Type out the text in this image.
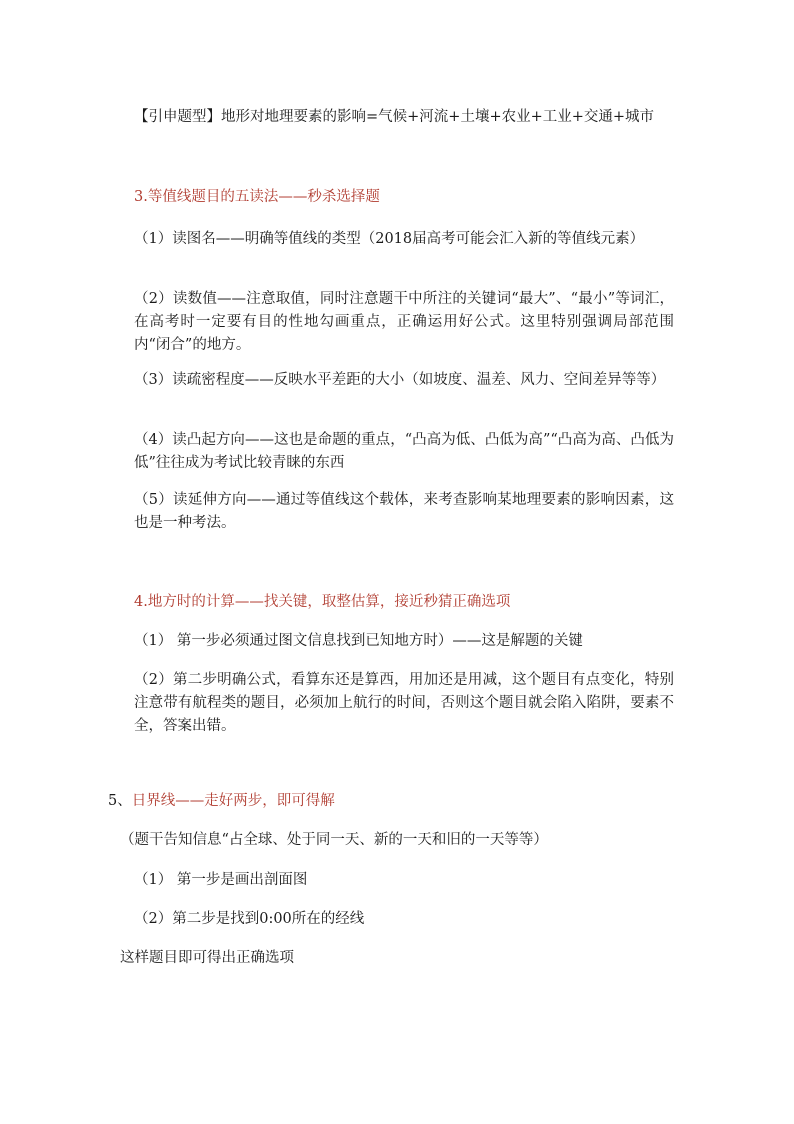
【引申题型】地形对地理要素的影响=气候+河流+土壤+农业+工业+交通+城市
3.等值线题目的五读法——秒杀选择题
（1）读图名——明确等值线的类型（2018届高考可能会汇入新的等值线元素）
（2）读数值——注意取值，同时注意题干中所注的关键词“最大”、“最小”等词汇，在高考时一定要有目的性地勾画重点，正确运用好公式。这里特别强调局部范围内“闭合”的地方。
（3）读疏密程度——反映水平差距的大小（如坡度、温差、风力、空间差异等等）
（4）读凸起方向——这也是命题的重点，“凸高为低、凸低为高”“凸高为高、凸低为低”往往成为考试比较青睐的东西
（5）读延伸方向——通过等值线这个载体，来考查影响某地理要素的影响因素，这也是一种考法。
4.地方时的计算——找关键，取整估算，接近秒猜正确选项
（1） 第一步必须通过图文信息找到已知地方时）——这是解题的关键
（2）第二步明确公式，看算东还是算西，用加还是用减，这个题目有点变化，特别注意带有航程类的题目，必须加上航行的时间，否则这个题目就会陷入陷阱，要素不全，答案出错。
5、日界线——走好两步，即可得解
（题干告知信息“占全球、处于同一天、新的一天和旧的一天等等）
（1） 第一步是画出剖面图
（2）第二步是找到0:00所在的经线
这样题目即可得出正确选项
